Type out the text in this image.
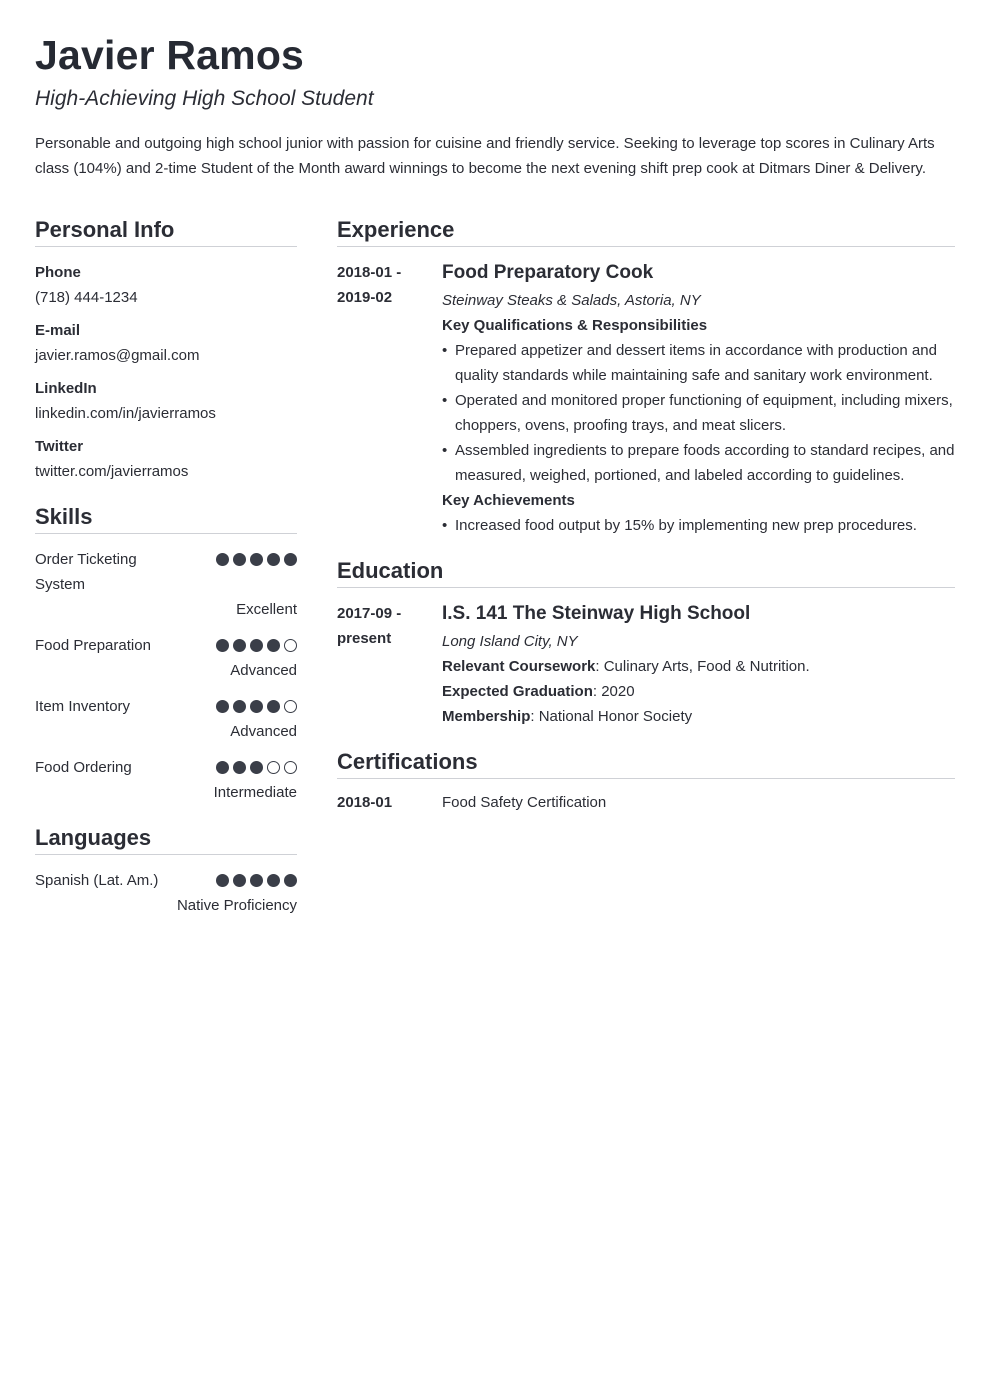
Javier Ramos
High-Achieving High School Student

Personable and outgoing high school junior with passion for cuisine and friendly service. Seeking to leverage top scores in Culinary Arts class (104%) and 2-time Student of the Month award winnings to become the next evening shift prep cook at Ditmars Diner & Delivery.

Personal Info
Phone
(718) 444-1234
E-mail
javier.ramos@gmail.com
LinkedIn
linkedin.com/in/javierramos
Twitter
twitter.com/javierramos
Skills
Order Ticketing System
Excellent
Food Preparation
Advanced
Item Inventory
Advanced
Food Ordering
Intermediate
Languages
Spanish (Lat. Am.)
Native Proficiency
Experience
2018-01 -
2019-02
Food Preparatory Cook
Steinway Steaks & Salads, Astoria, NY
Key Qualifications & Responsibilities
• Prepared appetizer and dessert items in accordance with production and quality standards while maintaining safe and sanitary work environment.
• Operated and monitored proper functioning of equipment, including mixers, choppers, ovens, proofing trays, and meat slicers.
• Assembled ingredients to prepare foods according to standard recipes, and measured, weighed, portioned, and labeled according to guidelines.
Key Achievements
• Increased food output by 15% by implementing new prep procedures.
Education
2017-09 -
present
I.S. 141 The Steinway High School
Long Island City, NY
Relevant Coursework: Culinary Arts, Food & Nutrition.
Expected Graduation: 2020
Membership: National Honor Society
Certifications
2018-01	Food Safety Certification
